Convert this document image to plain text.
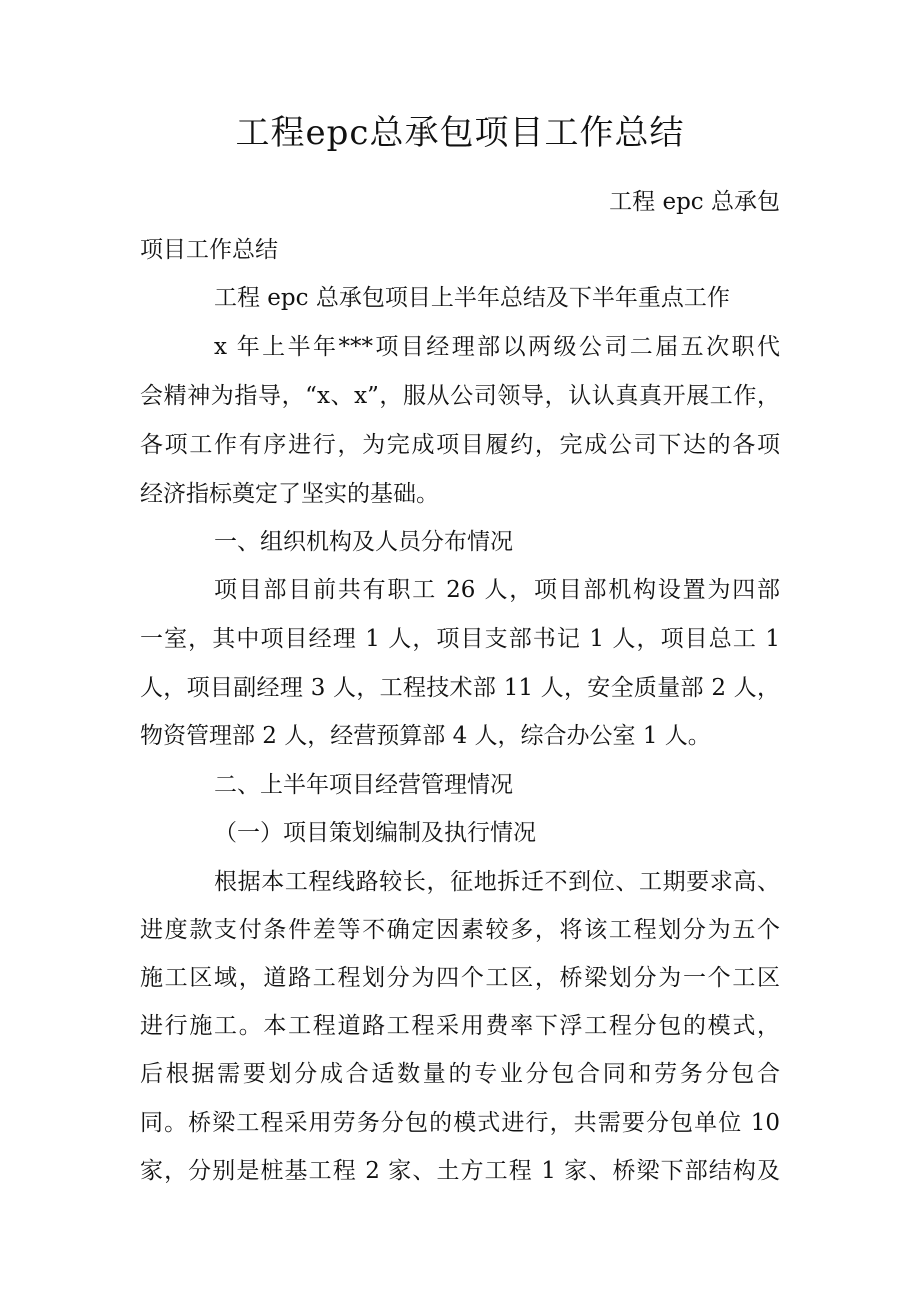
工程epc总承包项目工作总结
工程 epc 总承包
项目工作总结
工程 epc 总承包项目上半年总结及下半年重点工作
x 年上半年***项目经理部以两级公司二届五次职代
会精神为指导，“x、x”，服从公司领导，认认真真开展工作，
各项工作有序进行，为完成项目履约，完成公司下达的各项
经济指标奠定了坚实的基础。
一、组织机构及人员分布情况
项目部目前共有职工 26 人，项目部机构设置为四部
一室，其中项目经理 1 人，项目支部书记 1 人，项目总工 1
人，项目副经理 3 人，工程技术部 11 人，安全质量部 2 人，
物资管理部 2 人，经营预算部 4 人，综合办公室 1 人。
二、上半年项目经营管理情况
（一）项目策划编制及执行情况
根据本工程线路较长，征地拆迁不到位、工期要求高、
进度款支付条件差等不确定因素较多，将该工程划分为五个
施工区域，道路工程划分为四个工区，桥梁划分为一个工区
进行施工。本工程道路工程采用费率下浮工程分包的模式，
后根据需要划分成合适数量的专业分包合同和劳务分包合
同。桥梁工程采用劳务分包的模式进行，共需要分包单位 10
家，分别是桩基工程 2 家、土方工程 1 家、桥梁下部结构及
